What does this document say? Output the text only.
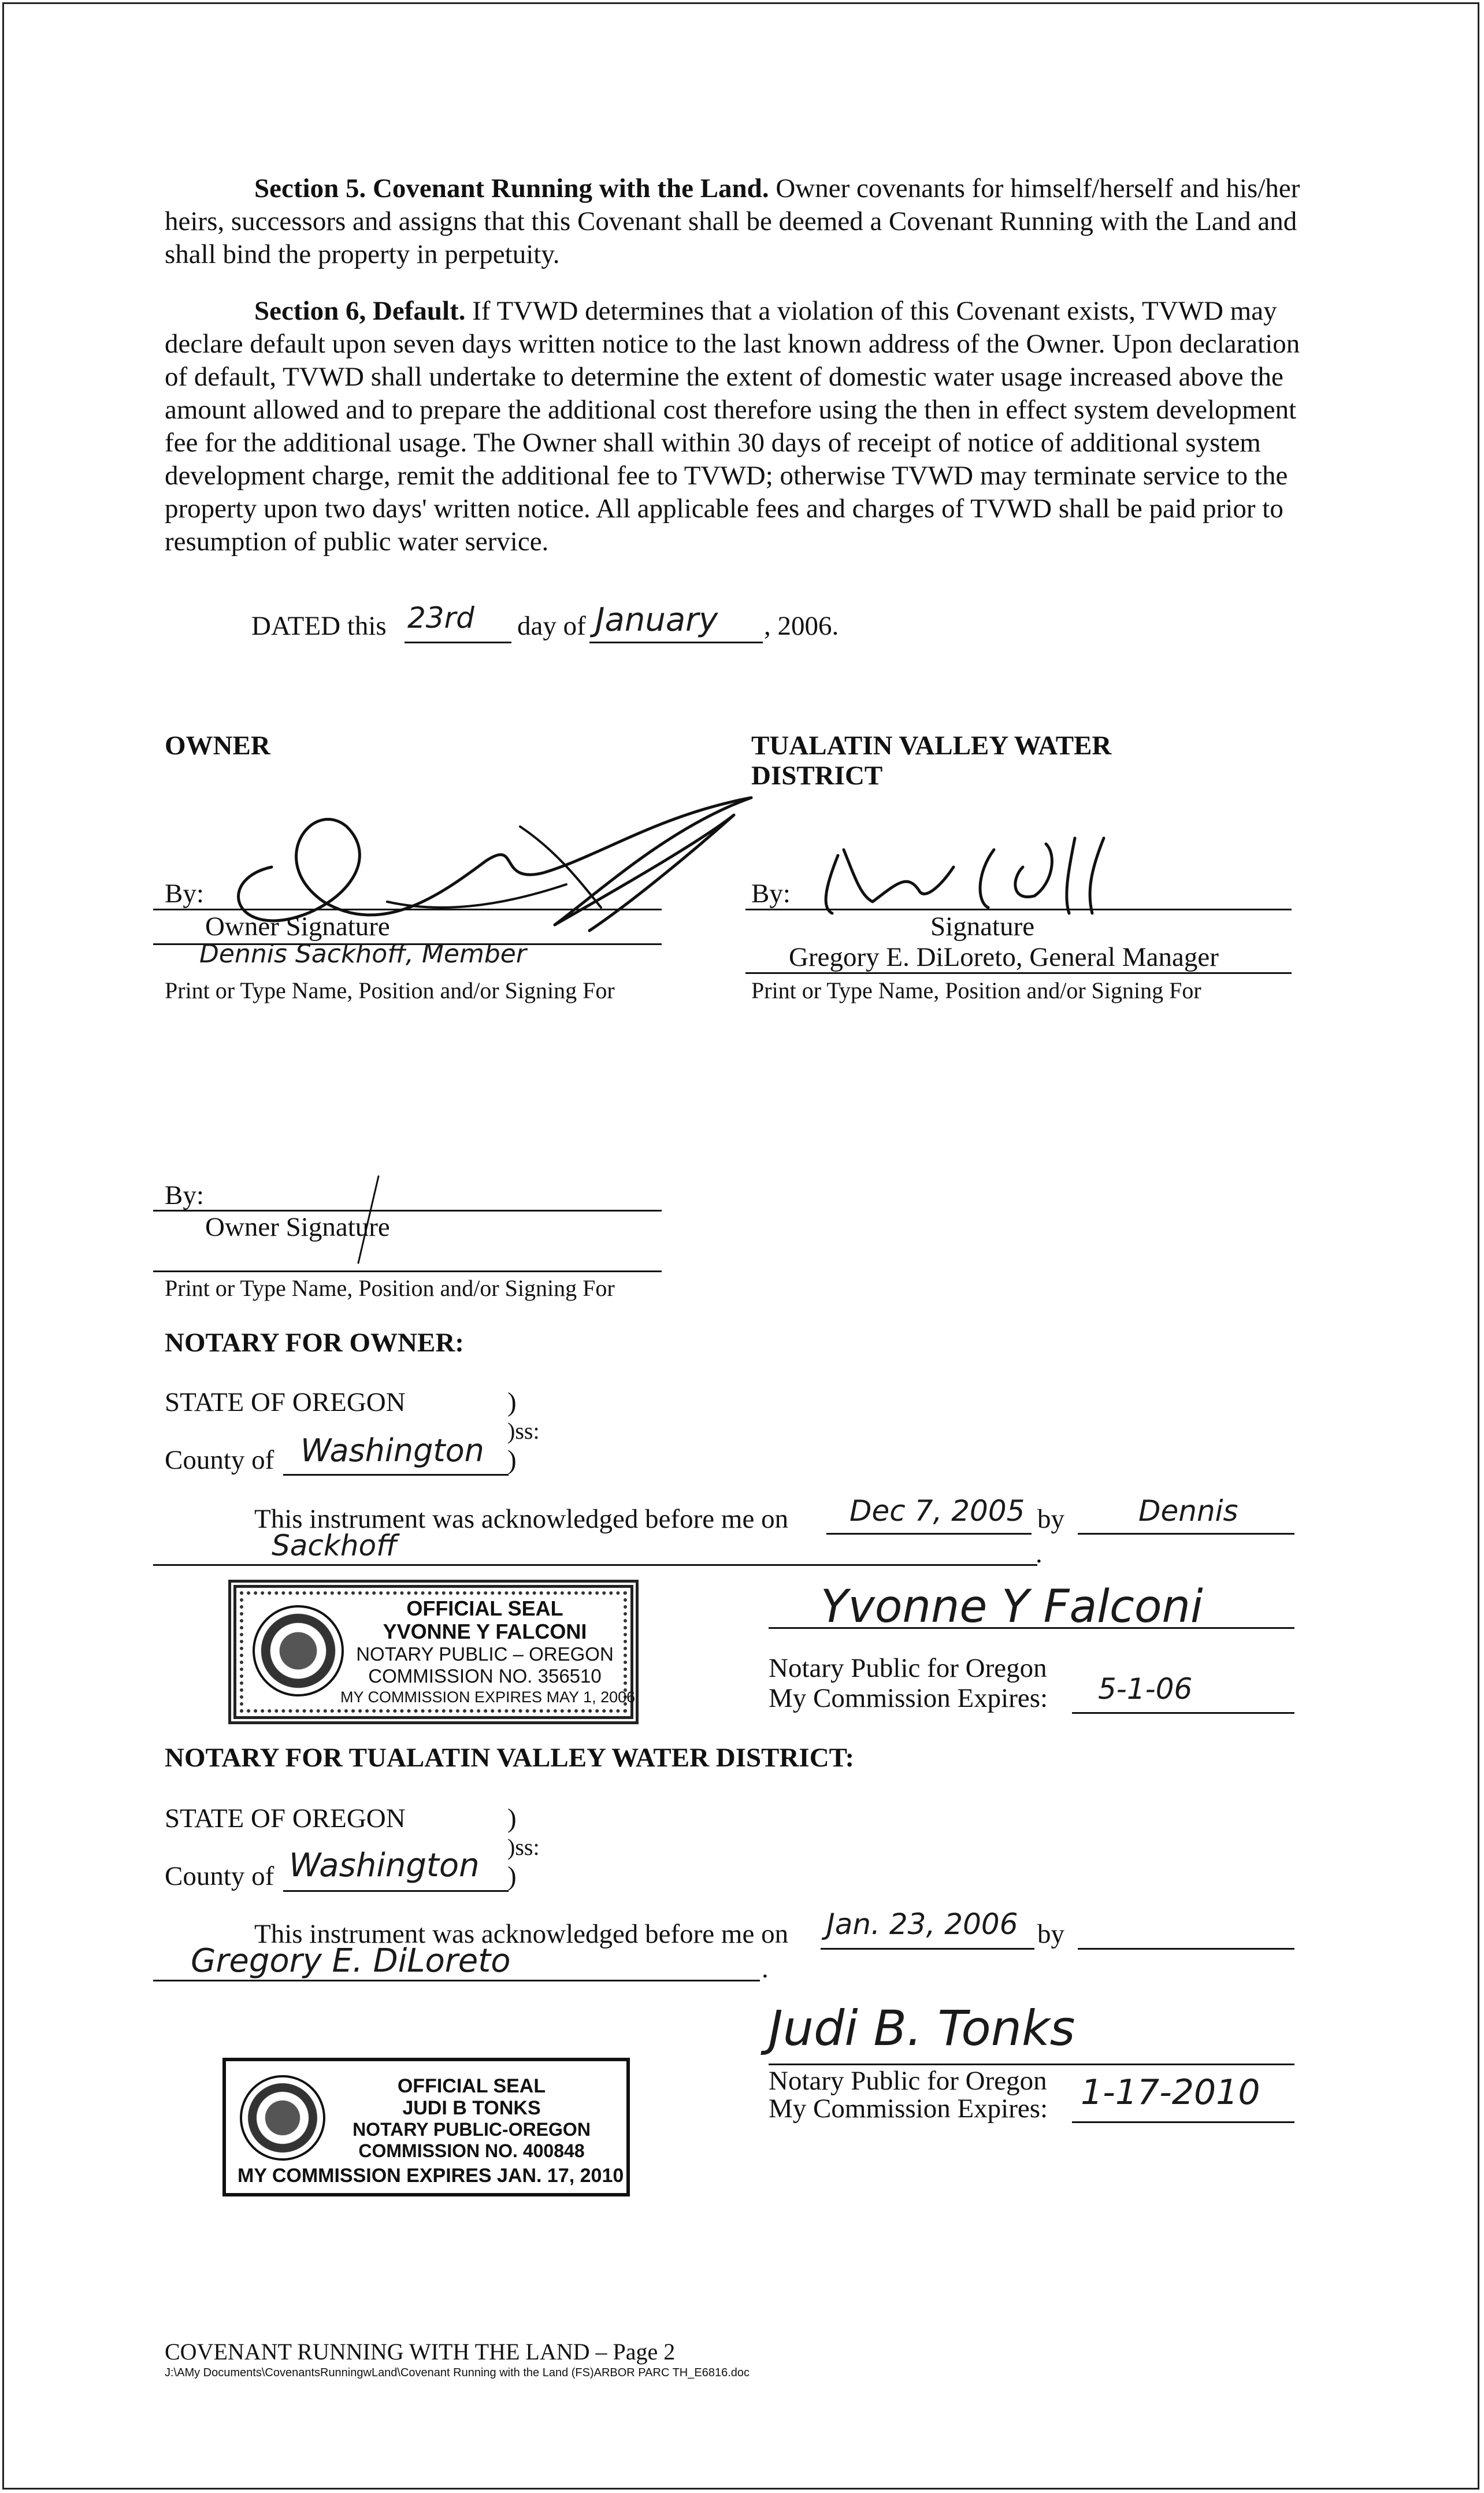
Section 5. Covenant Running with the Land. Owner covenants for himself/herself and his/her heirs, successors and assigns that this Covenant shall be deemed a Covenant Running with the Land and shall bind the property in perpetuity.

Section 6, Default. If TVWD determines that a violation of this Covenant exists, TVWD may declare default upon seven days written notice to the last known address of the Owner. Upon declaration of default, TVWD shall undertake to determine the extent of domestic water usage increased above the amount allowed and to prepare the additional cost therefore using the then in effect system development fee for the additional usage. The Owner shall within 30 days of receipt of notice of additional system development charge, remit the additional fee to TVWD; otherwise TVWD may terminate service to the property upon two days' written notice. All applicable fees and charges of TVWD shall be paid prior to resumption of public water service.

DATED this 23rd day of January , 2006.
OWNER
By:
Owner Signature
Dennis Sackhoff, Member
Print or Type Name, Position and/or Signing For
TUALATIN VALLEY WATER
DISTRICT
By:
Signature
Gregory E. DiLoreto, General Manager
Print or Type Name, Position and/or Signing For
By:
Owner Signature
Print or Type Name, Position and/or Signing For
NOTARY FOR OWNER:
STATE OF OREGON	)
)ss:
County of Washington )
This instrument was acknowledged before me on Dec 7, 2005 by	Dennis
Sackhoff	.
OFFICIAL SEAL
YVONNE Y FALCONI
NOTARY PUBLIC – OREGON
COMMISSION NO. 356510
MY COMMISSION EXPIRES MAY 1, 2006
Yvonne Y Falconi
Notary Public for Oregon
My Commission Expires: 5-1-06
NOTARY FOR TUALATIN VALLEY WATER DISTRICT:
STATE OF OREGON	)
)ss:
County of Washington )
This instrument was acknowledged before me on Jan. 23, 2006 by
Gregory E. DiLoreto	.
Judi B. Tonks
Notary Public for Oregon
My Commission Expires: 1-17-2010
OFFICIAL SEAL
JUDI B TONKS
NOTARY PUBLIC-OREGON
COMMISSION NO. 400848
MY COMMISSION EXPIRES JAN. 17, 2010
COVENANT RUNNING WITH THE LAND – Page 2
J:\AMy Documents\CovenantsRunningwLand\Covenant Running with the Land (FS)ARBOR PARC TH_E6816.doc
